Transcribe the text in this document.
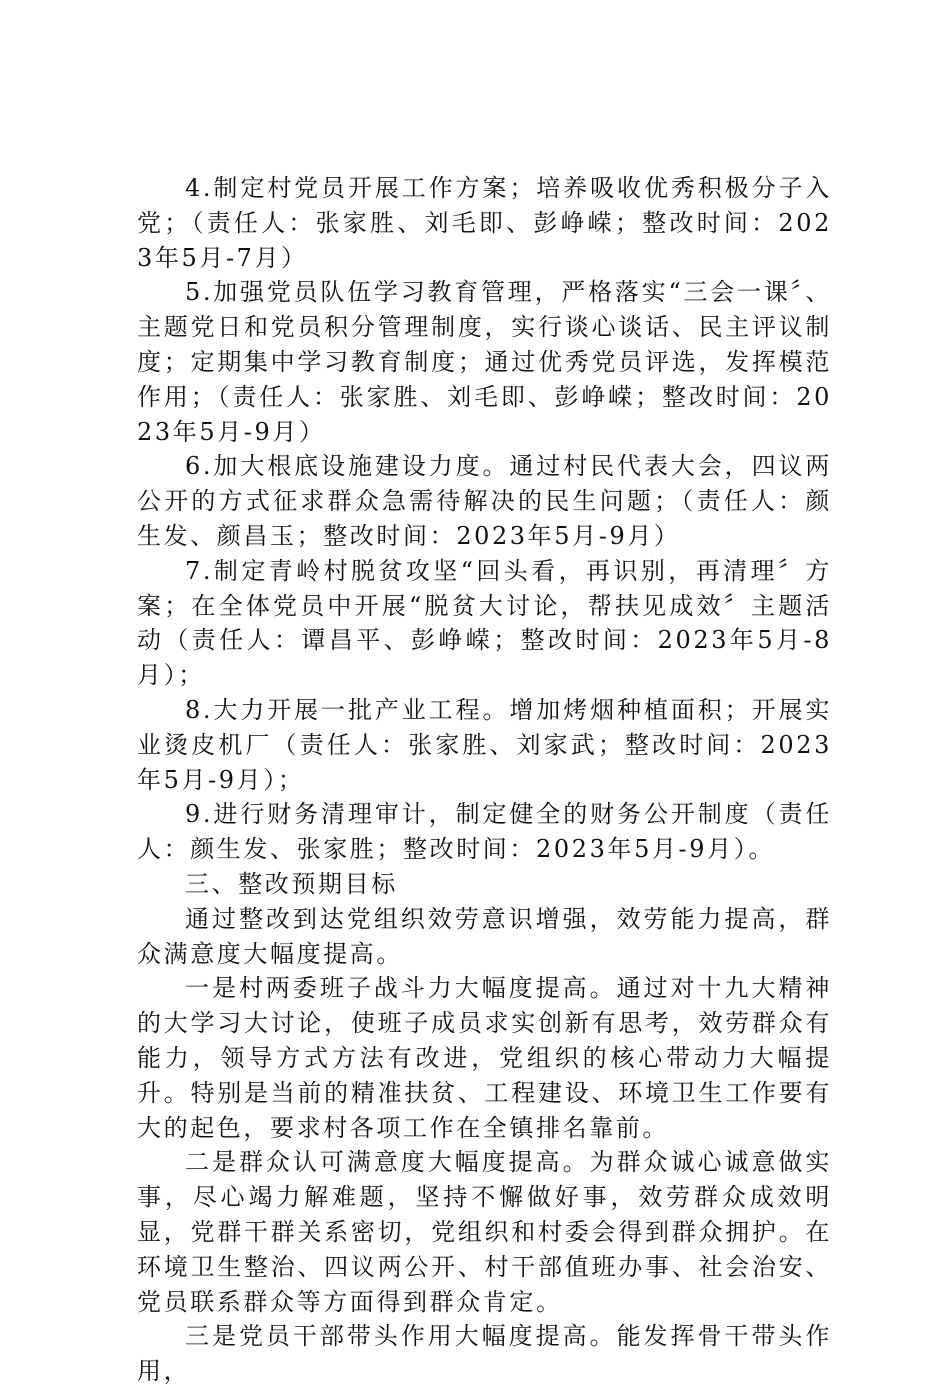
4.制定村党员开展工作方案；培养吸收优秀积极分子入党；（责任人：张家胜、刘毛即、彭峥嵘；整改时间：2023年5月-7月）

5.加强党员队伍学习教育管理，严格落实“三会一课〞、主题党日和党员积分管理制度，实行谈心谈话、民主评议制度；定期集中学习教育制度；通过优秀党员评选，发挥模范作用；（责任人：张家胜、刘毛即、彭峥嵘；整改时间：2023年5月-9月）

6.加大根底设施建设力度。通过村民代表大会，四议两公开的方式征求群众急需待解决的民生问题；（责任人：颜生发、颜昌玉；整改时间：2023年5月-9月）

7.制定青岭村脱贫攻坚“回头看，再识别，再清理〞方案；在全体党员中开展“脱贫大讨论，帮扶见成效〞主题活动（责任人：谭昌平、彭峥嵘；整改时间：2023年5月-8月）；

8.大力开展一批产业工程。增加烤烟种植面积；开展实业烫皮机厂（责任人：张家胜、刘家武；整改时间：2023年5月-9月）；

9.进行财务清理审计，制定健全的财务公开制度（责任人：颜生发、张家胜；整改时间：2023年5月-9月）。

三、整改预期目标

通过整改到达党组织效劳意识增强，效劳能力提高，群众满意度大幅度提高。

一是村两委班子战斗力大幅度提高。通过对十九大精神的大学习大讨论，使班子成员求实创新有思考，效劳群众有能力，领导方式方法有改进，党组织的核心带动力大幅提升。特别是当前的精准扶贫、工程建设、环境卫生工作要有大的起色，要求村各项工作在全镇排名靠前。

二是群众认可满意度大幅度提高。为群众诚心诚意做实事，尽心竭力解难题，坚持不懈做好事，效劳群众成效明显，党群干群关系密切，党组织和村委会得到群众拥护。在环境卫生整治、四议两公开、村干部值班办事、社会治安、党员联系群众等方面得到群众肯定。

三是党员干部带头作用大幅度提高。能发挥骨干带头作用，
